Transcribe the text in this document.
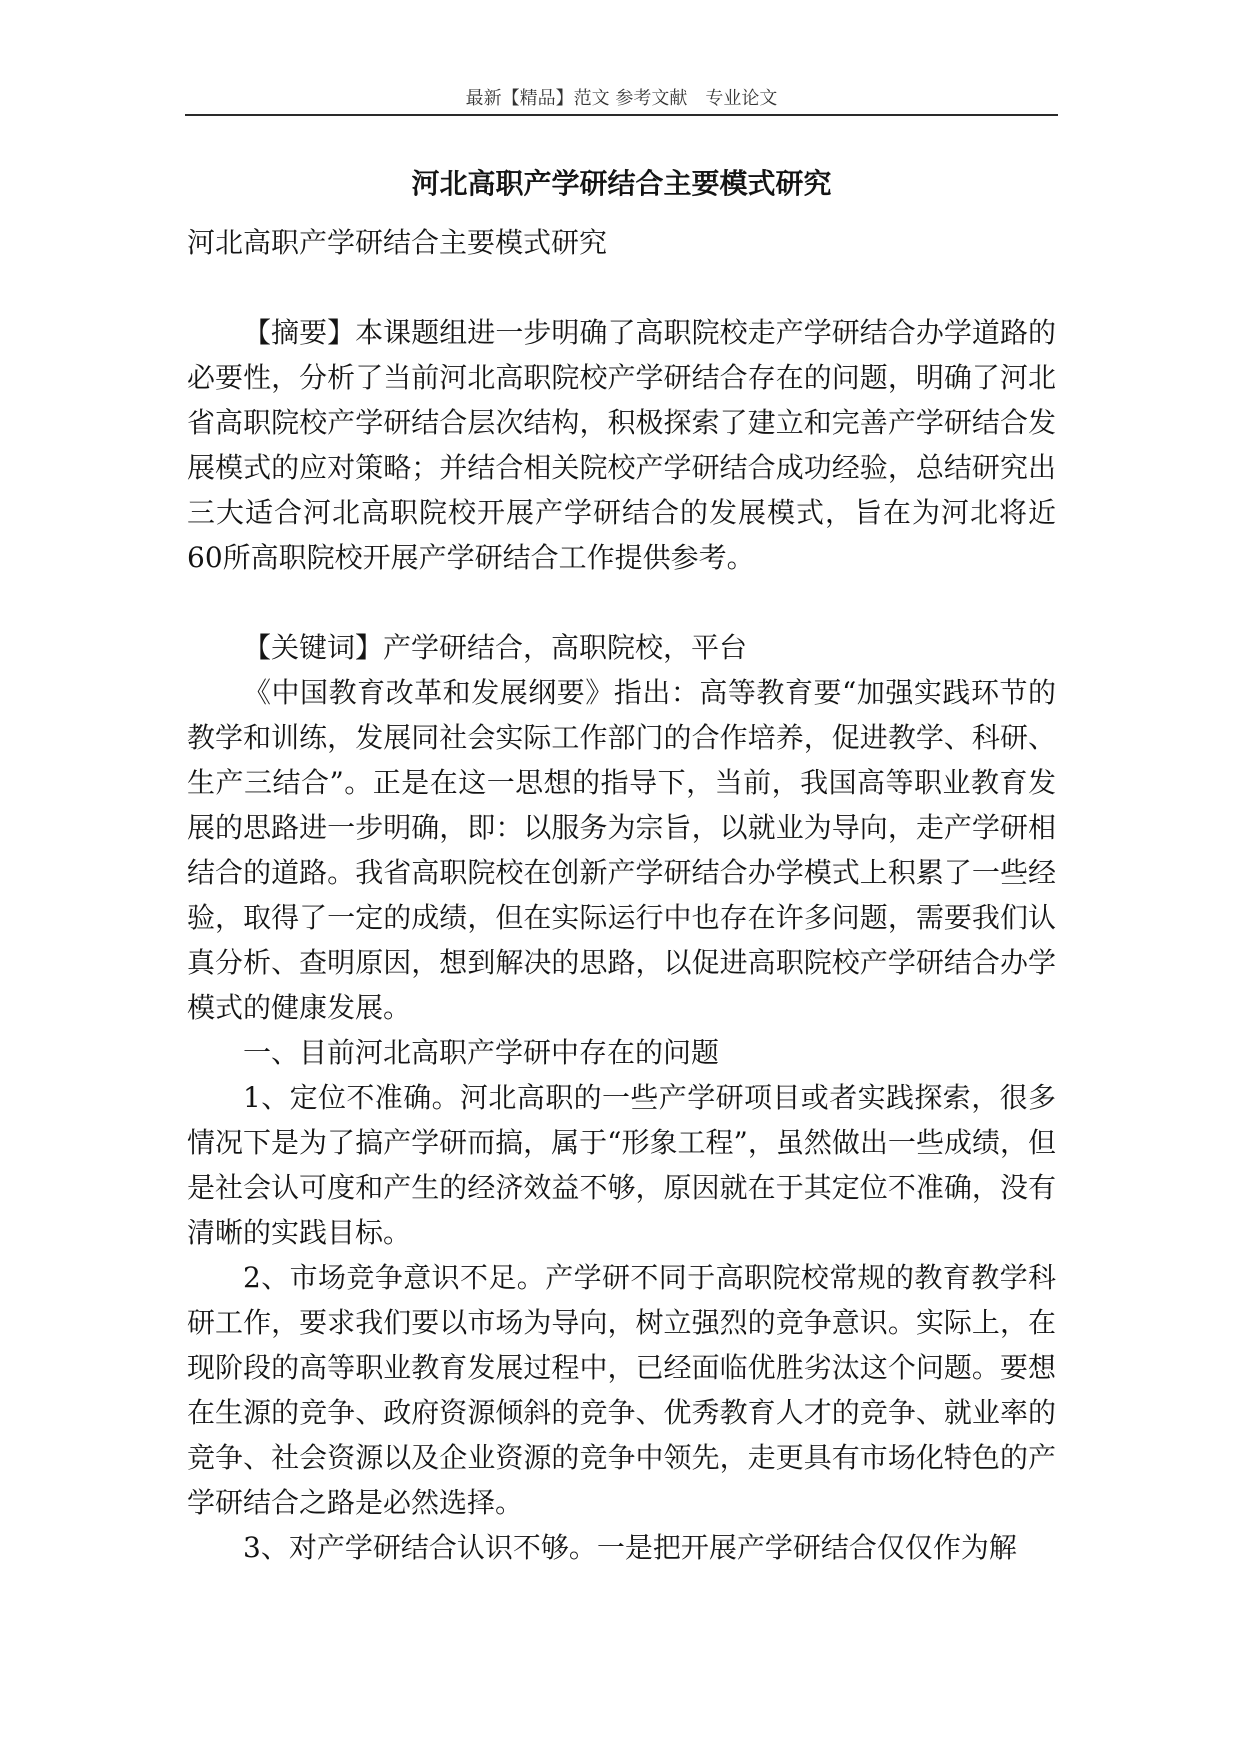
最新【精品】范文 参考文献　专业论文
河北高职产学研结合主要模式研究

河北高职产学研结合主要模式研究

【摘要】本课题组进一步明确了高职院校走产学研结合办学道路的必要性，分析了当前河北高职院校产学研结合存在的问题，明确了河北省高职院校产学研结合层次结构，积极探索了建立和完善产学研结合发展模式的应对策略；并结合相关院校产学研结合成功经验，总结研究出三大适合河北高职院校开展产学研结合的发展模式，旨在为河北将近60所高职院校开展产学研结合工作提供参考。

【关键词】产学研结合，高职院校，平台

《中国教育改革和发展纲要》指出：高等教育要“加强实践环节的教学和训练，发展同社会实际工作部门的合作培养，促进教学、科研、生产三结合”。正是在这一思想的指导下，当前，我国高等职业教育发展的思路进一步明确，即：以服务为宗旨，以就业为导向，走产学研相结合的道路。我省高职院校在创新产学研结合办学模式上积累了一些经验，取得了一定的成绩，但在实际运行中也存在许多问题，需要我们认真分析、查明原因，想到解决的思路，以促进高职院校产学研结合办学模式的健康发展。

一、目前河北高职产学研中存在的问题

1、定位不准确。河北高职的一些产学研项目或者实践探索，很多情况下是为了搞产学研而搞，属于“形象工程”，虽然做出一些成绩，但是社会认可度和产生的经济效益不够，原因就在于其定位不准确，没有清晰的实践目标。

2、市场竞争意识不足。产学研不同于高职院校常规的教育教学科研工作，要求我们要以市场为导向，树立强烈的竞争意识。实际上，在现阶段的高等职业教育发展过程中，已经面临优胜劣汰这个问题。要想在生源的竞争、政府资源倾斜的竞争、优秀教育人才的竞争、就业率的竞争、社会资源以及企业资源的竞争中领先，走更具有市场化特色的产学研结合之路是必然选择。

3、对产学研结合认识不够。一是把开展产学研结合仅仅作为解
